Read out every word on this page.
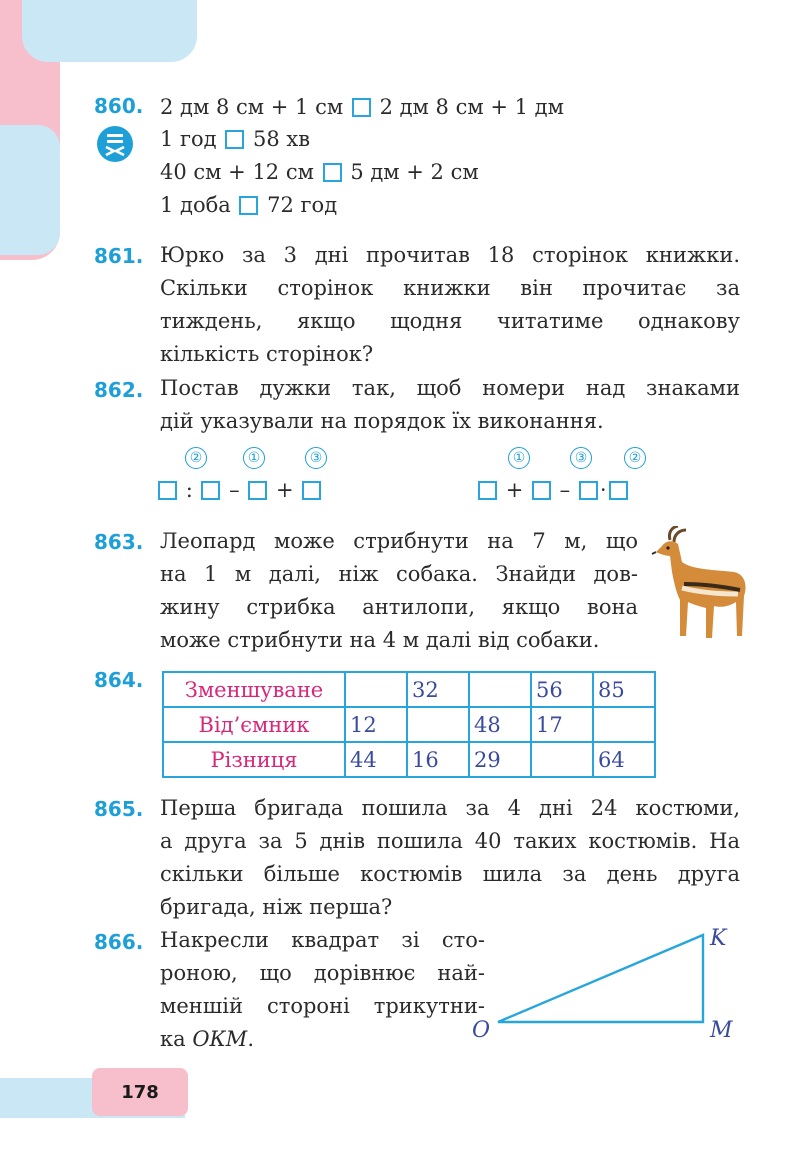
178
860. 2 дм 8 см + 1 см 2 дм 8 см + 1 дм
1 год 58 хв
40 см + 12 см 5 дм + 2 см
1 доба 72 год
861. Юрко за 3 дні прочитав 18 сторінок книжки.
Скільки сторінок книжки він прочитає за
тиждень, якщо щодня читатиме однакову
кількість сторінок?
862. Постав дужки так, щоб номери над знаками
дій указували на порядок їх виконання.
②	①	③
: – +
①	③	②
+ – ·
863. Леопард може стрибнути на 7 м, що
на 1 м далі, ніж собака. Знайди дов-
жину стрибка антилопи, якщо вона
може стрибнути на 4 м далі від собаки.
864. Зменшуване		32		56	85
Від’ємник	12		48	17	
Різниця	44	16	29		64
865. Перша бригада пошила за 4 дні 24 костюми,
а друга за 5 днів пошила 40 таких костюмів. На
скільки більше костюмів шила за день друга
бригада, ніж перша?
866. Накресли квадрат зі сто-
роною, що дорівнює най-
меншій стороні трикутни-
ка ОКМ.	O
K
M
